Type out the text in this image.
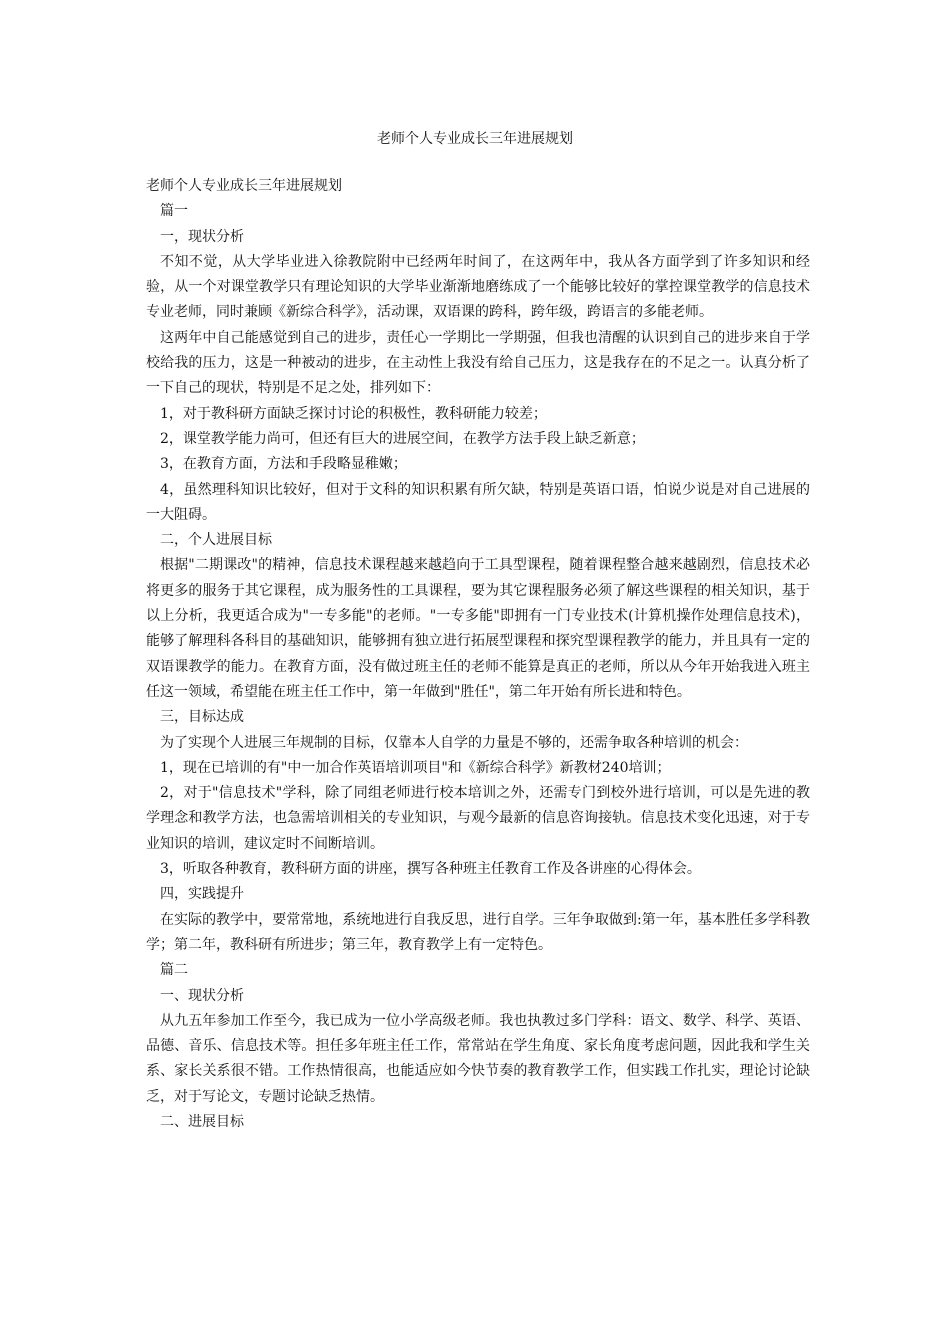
老师个人专业成长三年进展规划

老师个人专业成长三年进展规划

篇一

一，现状分析

不知不觉，从大学毕业进入徐教院附中已经两年时间了，在这两年中，我从各方面学到了许多知识和经验，从一个对课堂教学只有理论知识的大学毕业渐渐地磨练成了一个能够比较好的掌控课堂教学的信息技术专业老师，同时兼顾《新综合科学》，活动课，双语课的跨科，跨年级，跨语言的多能老师。

这两年中自己能感觉到自己的进步，责任心一学期比一学期强，但我也清醒的认识到自己的进步来自于学校给我的压力，这是一种被动的进步，在主动性上我没有给自己压力，这是我存在的不足之一。认真分析了一下自己的现状，特别是不足之处，排列如下：

1，对于教科研方面缺乏探讨讨论的积极性，教科研能力较差；

2，课堂教学能力尚可，但还有巨大的进展空间，在教学方法手段上缺乏新意；

3，在教育方面，方法和手段略显稚嫩；

4，虽然理科知识比较好，但对于文科的知识积累有所欠缺，特别是英语口语，怕说少说是对自己进展的一大阻碍。

二，个人进展目标

根据"二期课改"的精神，信息技术课程越来越趋向于工具型课程，随着课程整合越来越剧烈，信息技术必将更多的服务于其它课程，成为服务性的工具课程，要为其它课程服务必须了解这些课程的相关知识，基于以上分析，我更适合成为"一专多能"的老师。"一专多能"即拥有一门专业技术(计算机操作处理信息技术)，能够了解理科各科目的基础知识，能够拥有独立进行拓展型课程和探究型课程教学的能力，并且具有一定的双语课教学的能力。在教育方面，没有做过班主任的老师不能算是真正的老师，所以从今年开始我进入班主任这一领域，希望能在班主任工作中，第一年做到"胜任"，第二年开始有所长进和特色。

三，目标达成

为了实现个人进展三年规制的目标，仅靠本人自学的力量是不够的，还需争取各种培训的机会：

1，现在已培训的有"中一加合作英语培训项目"和《新综合科学》新教材240培训；

2，对于"信息技术"学科，除了同组老师进行校本培训之外，还需专门到校外进行培训，可以是先进的教学理念和教学方法，也急需培训相关的专业知识，与观今最新的信息咨询接轨。信息技术变化迅速，对于专业知识的培训，建议定时不间断培训。

3，听取各种教育，教科研方面的讲座，撰写各种班主任教育工作及各讲座的心得体会。

四，实践提升

在实际的教学中，要常常地，系统地进行自我反思，进行自学。三年争取做到:第一年，基本胜任多学科教学；第二年，教科研有所进步；第三年，教育教学上有一定特色。

篇二

一、现状分析

从九五年参加工作至今，我已成为一位小学高级老师。我也执教过多门学科：语文、数学、科学、英语、品德、音乐、信息技术等。担任多年班主任工作，常常站在学生角度、家长角度考虑问题，因此我和学生关系、家长关系很不错。工作热情很高，也能适应如今快节奏的教育教学工作，但实践工作扎实，理论讨论缺乏，对于写论文，专题讨论缺乏热情。

二、进展目标
